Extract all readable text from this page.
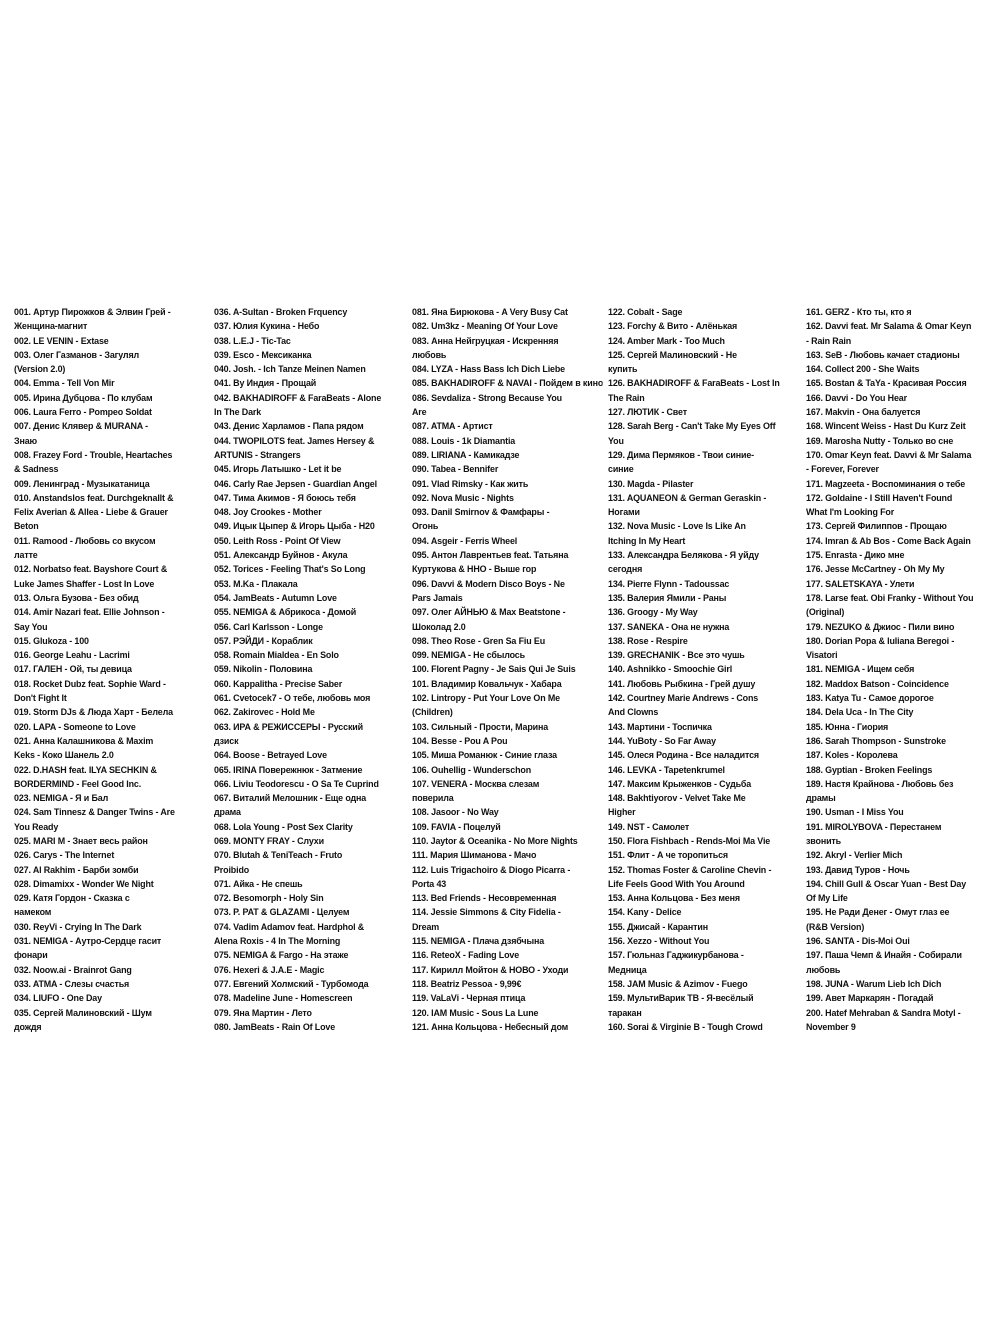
001. Артур Пирожков & Элвин Грей -
Женщина-магнит
002. LE VENIN - Extase
003. Олег Газманов - Загулял
(Version 2.0)
004. Emma - Tell Von Mir
005. Ирина Дубцова - По клубам
006. Laura Ferro - Pompeo Soldat
007. Денис Клявер & MURANA -
Знаю
008. Frazey Ford - Trouble, Heartaches
& Sadness
009. Ленинград - Музыкатаница
010. Anstandslos feat. Durchgeknallt &
Felix Averian & Allea - Liebe & Grauer
Beton
011. Ramood - Любовь со вкусом
латте
012. Norbatso feat. Bayshore Court &
Luke James Shaffer - Lost In Love
013. Ольга Бузова - Без обид
014. Amir Nazari feat. Ellie Johnson -
Say You
015. Glukoza - 100
016. George Leahu - Lacrimi
017. ГАЛЕН - Ой, ты девица
018. Rocket Dubz feat. Sophie Ward -
Don't Fight It
019. Storm DJs & Люда Харт - Белела
020. LAPA - Someone to Love
021. Анна Калашникова & Maxim
Keks - Коко Шанель 2.0
022. D.HASH feat. ILYA SECHKIN &
BORDERMIND - Feel Good Inc.
023. NEMIGA - Я и Бал
024. Sam Tinnesz & Danger Twins - Are
You Ready
025. MARI M - Знает весь район
026. Carys - The Internet
027. Al Rakhim - Барби зомби
028. Dimamixx - Wonder We Night
029. Катя Гордон - Сказка с
намеком
030. ReyVi - Crying In The Dark
031. NEMIGA - Аутро-Сердце гасит
фонари
032. Noow.ai - Brainrot Gang
033. ATMA - Слезы счастья
034. LIUFO - One Day
035. Сергей Малиновский - Шум
дождя
036. A-Sultan - Broken Frquency
037. Юлия Кукина - Небо
038. L.E.J - Tic-Tac
039. Esco - Мексиканка
040. Josh. - Ich Tanze Meinen Namen
041. By Индия - Прощай
042. BAKHADIROFF & FaraBeats - Alone
In The Dark
043. Денис Харламов - Папа рядом
044. TWOPILOTS feat. James Hersey &
ARTUNIS - Strangers
045. Игорь Латышко - Let it be
046. Carly Rae Jepsen - Guardian Angel
047. Тима Акимов - Я боюсь тебя
048. Joy Crookes - Mother
049. Ицык Цыпер & Игорь Цыба - H20
050. Leith Ross - Point Of View
051. Александр Буйнов - Акула
052. Torices - Feeling That's So Long
053. M.Ka - Плакала
054. JamBeats - Autumn Love
055. NEMIGA & Абрикоса - Домой
056. Carl Karlsson - Longe
057. РЭЙДИ - Кораблик
058. Romain Mialdea - En Solo
059. Nikolin - Половина
060. Kappalitha - Precise Saber
061. Cvetocek7 - О тебе, любовь моя
062. Zakirovec - Hold Me
063. ИРА & РЕЖИССЕРЫ - Русский
дзиск
064. Boose - Betrayed Love
065. IRINA Повережнюк - Затмение
066. Liviu Teodorescu - O Sa Te Cuprind
067. Виталий Мелошник - Еще одна
драма
068. Lola Young - Post Sex Clarity
069. MONTY FRAY - Слухи
070. Blutah & TeniTeach - Fruto
Proibido
071. Айка - Не спешь
072. Besomorph - Holy Sin
073. P. PAT & GLAZAMI - Целуем
074. Vadim Adamov feat. Hardphol &
Alena Roxis - 4 In The Morning
075. NEMIGA & Fargo - На этаже
076. Hexeri & J.A.E - Magic
077. Евгений Холмский - Турбомода
078. Madeline June - Homescreen
079. Яна Мартин - Лето
080. JamBeats - Rain Of Love
081. Яна Бирюкова - A Very Busy Cat
082. Um3kz - Meaning Of Your Love
083. Анна Нейгруцкая - Искренняя
любовь
084. LYZA - Hass Bass Ich Dich Liebe
085. BAKHADIROFF & NAVAI - Пойдем в кино
086. Sevdaliza - Strong Because You
Are
087. ATMA - Артист
088. Louis - 1k Diamantia
089. LIRIANA - Камикадзе
090. Tabea - Bennifer
091. Vlad Rimsky - Как жить
092. Nova Music - Nights
093. Danil Smirnov & Фамфары -
Огонь
094. Asgeir - Ferris Wheel
095. Антон Лаврентьев feat. Татьяна
Куртукова & ННО - Выше гор
096. Davvi & Modern Disco Boys - Ne
Pars Jamais
097. Олег АЙНЬЮ & Max Beatstone -
Шоколад 2.0
098. Theo Rose - Gren Sa Fiu Eu
099. NEMIGA - Не сбылось
100. Florent Pagny - Je Sais Qui Je Suis
101. Владимир Ковальчук - Хабара
102. Lintropy - Put Your Love On Me
(Children)
103. Сильный - Прости, Марина
104. Besse - Pou A Pou
105. Миша Романюк - Синие глаза
106. Ouhellig - Wunderschon
107. VENERA - Москва слезам
поверила
108. Jasoor - No Way
109. FAVIA - Поцелуй
110. Jaytor & Oceanika - No More Nights
111. Мария Шиманова - Мачо
112. Luis Trigachoiro & Diogo Picarra -
Porta 43
113. Bed Friends - Несовременная
114. Jessie Simmons & City Fidelia -
Dream
115. NEMIGA - Плача дзябчына
116. ReteoX - Fading Love
117. Кирилл Мойтон & НОВО - Уходи
118. Beatriz Pessoa - 9,99€
119. VaLaVi - Черная птица
120. IAM Music - Sous La Lune
121. Анна Кольцова - Небесный дом
122. Cobalt - Sage
123. Forchy & Вито - Алёнькая
124. Amber Mark - Too Much
125. Сергей Малиновский - Не
купить
126. BAKHADIROFF & FaraBeats - Lost In
The Rain
127. ЛЮТИК - Свет
128. Sarah Berg - Can't Take My Eyes Off
You
129. Дима Пермяков - Твои синие-
синие
130. Magda - Pilaster
131. AQUANEON & German Geraskin -
Ногами
132. Nova Music - Love Is Like An
Itching In My Heart
133. Александра Белякова - Я уйду
сегодня
134. Pierre Flynn - Tadoussac
135. Валерия Ямили - Раны
136. Groogy - My Way
137. SANEKA - Она не нужна
138. Rose - Respire
139. GRECHANIK - Все это чушь
140. Ashnikko - Smoochie Girl
141. Любовь Рыбкина - Грей душу
142. Courtney Marie Andrews - Cons
And Clowns
143. Мартини - Тоспичка
144. YuBoty - So Far Away
145. Олеся Родина - Все наладится
146. LEVKA - Tapetenkrumel
147. Максим Крыженков - Судьба
148. Bakhtiyorov - Velvet Take Me
Higher
149. NST - Самолет
150. Flora Fishbach - Rends-Moi Ma Vie
151. Флит - А че торопиться
152. Thomas Foster & Caroline Chevin -
Life Feels Good With You Around
153. Анна Кольцова - Без меня
154. Kany - Delice
155. Джисай - Карантин
156. Xezzo - Without You
157. Гюльназ Гаджикурбанова -
Медница
158. JAM Music & Azimov - Fuego
159. МультиВарик ТВ - Я-весёлый
таракан
160. Sorai & Virginie B - Tough Crowd
161. GERZ - Кто ты, кто я
162. Davvi feat. Mr Salama & Omar Keyn
- Rain Rain
163. SeB - Любовь качает стадионы
164. Collect 200 - She Waits
165. Bostan & TaYa - Красивая Россия
166. Davvi - Do You Hear
167. Makvin - Она балуется
168. Wincent Weiss - Hast Du Kurz Zeit
169. Marosha Nutty - Только во сне
170. Omar Keyn feat. Davvi & Mr Salama
- Forever, Forever
171. Magzeeta - Воспоминания о тебе
172. Goldaine - I Still Haven't Found
What I'm Looking For
173. Сергей Филиппов - Прощаю
174. Imran & Ab Bos - Come Back Again
175. Enrasta - Дико мне
176. Jesse McCartney - Oh My My
177. SALETSKAYA - Улети
178. Larse feat. Obi Franky - Without You
(Original)
179. NEZUKO & Джиос - Пили вино
180. Dorian Popa & Iuliana Beregoi -
Visatori
181. NEMIGA - Ищем себя
182. Maddox Batson - Coincidence
183. Katya Tu - Самое дорогое
184. Dela Uca - In The City
185. Юнна - Гиория
186. Sarah Thompson - Sunstroke
187. Koles - Королева
188. Gyptian - Broken Feelings
189. Настя Крайнова - Любовь без
драмы
190. Usman - I Miss You
191. MIROLYBOVA - Перестанем
звонить
192. Akryl - Verlier Mich
193. Давид Туров - Ночь
194. Chill Gull & Oscar Yuan - Best Day
Of My Life
195. Не Ради Денег - Омут глаз ее
(R&B Version)
196. SANTA - Dis-Moi Oui
197. Паша Чемп & Инайя - Собирали
любовь
198. JUNA - Warum Lieb Ich Dich
199. Авет Маркарян - Погадай
200. Hatef Mehraban & Sandra Motyl -
November 9
